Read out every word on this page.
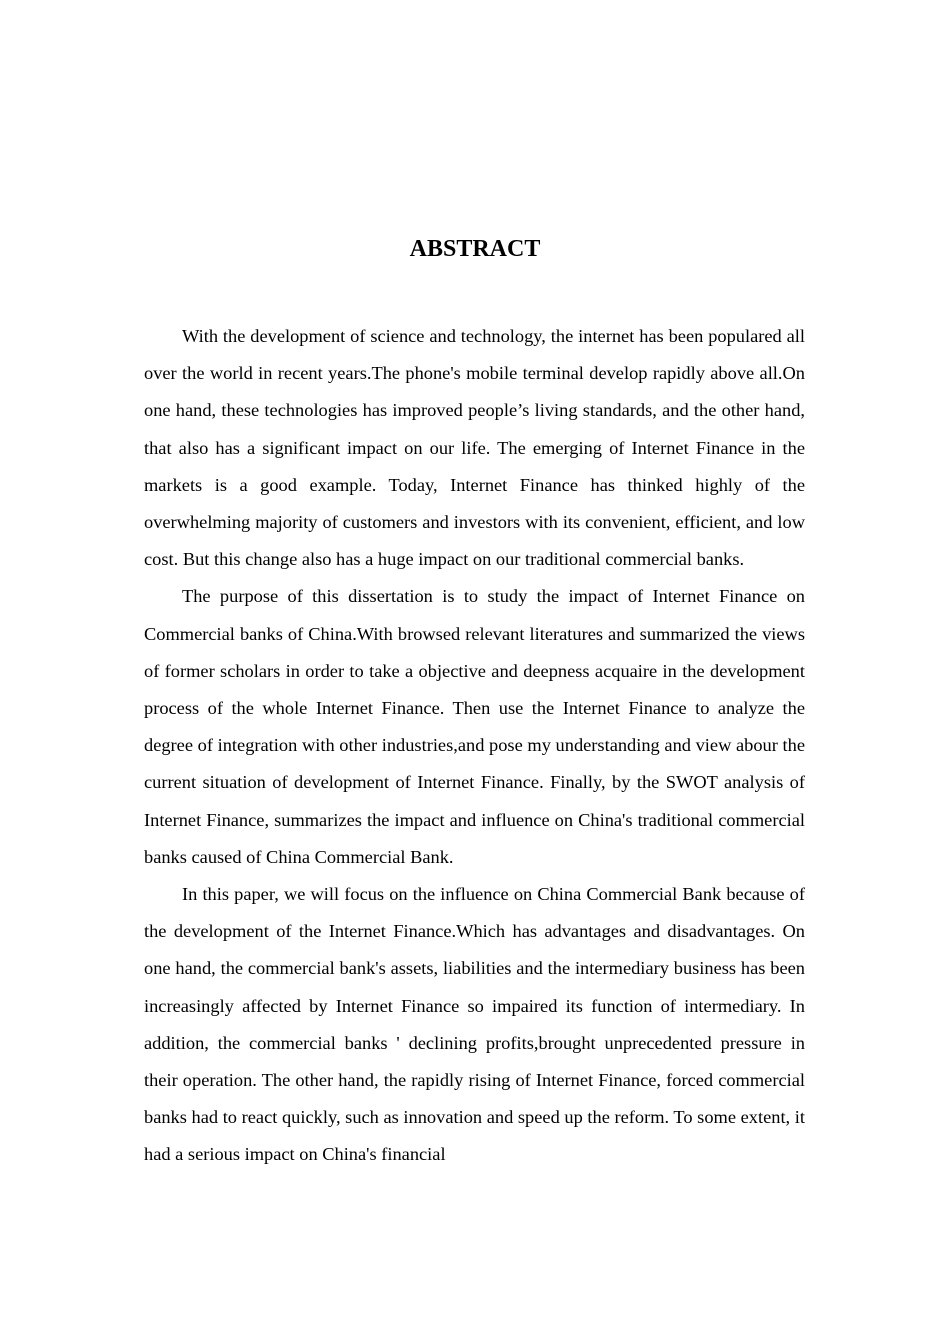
ABSTRACT

With the development of science and technology, the internet has been populared all over the world in recent years.The phone's mobile terminal develop rapidly above all.On one hand, these technologies has improved people’s living standards, and the other hand, that also has a significant impact on our life. The emerging of Internet Finance in the markets is a good example. Today, Internet Finance has thinked highly of the overwhelming majority of customers and investors with its convenient, efficient, and low cost. But this change also has a huge impact on our traditional commercial banks.

The purpose of this dissertation is to study the impact of Internet Finance on Commercial banks of China.With browsed relevant literatures and summarized the views of former scholars in order to take a objective and deepness acquaire in the development process of the whole Internet Finance. Then use the Internet Finance to analyze the degree of integration with other industries,and pose my understanding and view abour the current situation of development of Internet Finance. Finally, by the SWOT analysis of Internet Finance, summarizes the impact and influence on China's traditional commercial banks caused of China Commercial Bank.

In this paper, we will focus on the influence on China Commercial Bank because of the development of the Internet Finance.Which has advantages and disadvantages. On one hand, the commercial bank's assets, liabilities and the intermediary business has been increasingly affected by Internet Finance so impaired its function of intermediary. In addition, the commercial banks ' declining profits,brought unprecedented pressure in their operation. The other hand, the rapidly rising of Internet Finance, forced commercial banks had to react quickly, such as innovation and speed up the reform. To some extent, it had a serious impact on China's financial
